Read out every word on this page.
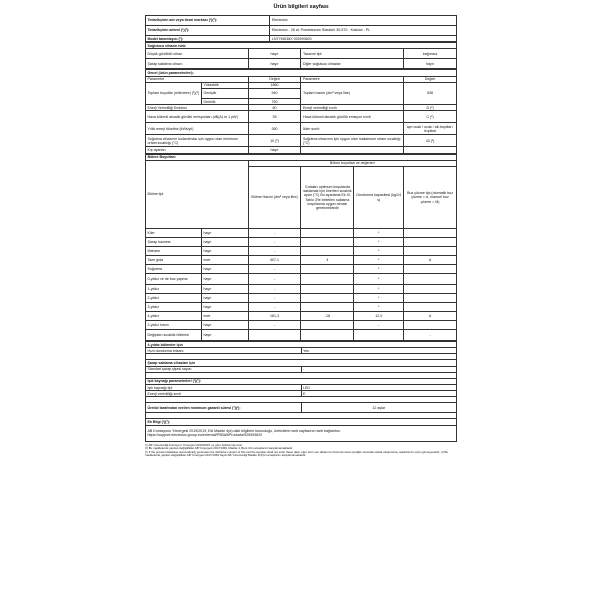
Ürün bilgileri sayfası
Tedarikçinin adı veya ticari markası (¹)(²):	Electrolux
Tedarikçinin adresi (¹)(²):	Electrolux - 26 al. Powstanców Slaskich 30-570 - Kraków - PL
Model tanımlayıcı (²):	LNT7MD38X 925993820
Soğutucu cihazın türü:			
Düşük gürültülü cihaz:	hayır	Tasarım tipi:	bağımsız
Şarap saklama cihazı:	hayır	Diğer soğutucu cihazlar:	hayır
Genel (ürün parametreleri):				
Parametre		Değeri	Parametre	Değeri
Toplam boyutlar (milimetre) (¹)(²)	Yükseklik	1860	Toplam hacim (dm³ veya litre)	538
	Genişlik	940		
	Derinlik	750		
Enerji Verimliliği Endeksi		80	Enerji verimliliği sınıfı	D (²)
Hava kökenli akustik gürültü emisyonları (dB(A) re 1 pW)		39	Hava kökenli akustik gürültü emisyon sınıfı	C (²)
Yıllık enerji tüketimi (kWs/yıl)		260	İklim sınıfı:	ayn ocak / ocak / alt-tropikal / tropikal
Soğutma cihazının kullanılması için uygun olan minimum ortam sıcaklığı (°C)		10 (²)	Soğutma cihazının için uygun olan maksimum ortam sıcaklığı (°C)	43 (²)
Kış ayarları		hayır		
Bölme Boyutları:					
Bölme tipi		Bölme boyutları ve değerleri			
		Bölme Hacmi (dm³ veya litre)	Gıdaları optimum koşullarda saklamak için önerilen sıcaklık ayarı (°C) Bu ayarlama Ek IV, Tablo 3'te belirtilen saklama koşullarına uygun olması gerekmektedir	Dondurma kapasitesi (kg/24 s)	Buz çözme tipi (otomatik buz çözme = A, manuel buz çözme = M)
Kiler	hayır	-		*	
Şarap haznesi	hayır	-		*	
Mahzen	hayır	-		*	
Taze gıda	evet	407,1	4	*	A
Soğutma	hayır	-		*	
0-yıldız ve de buz yapma	hayır	-		*	
1-yıldız	hayır	-		*	
2-yıldız	hayır	-		*	
3-yıldız	hayır	-		*	
4-yıldız	evet	161,3	-18	12,0	A
2-yıldız kısmı	hayır	-		-	
Değişken sıcaklık bölmesi	hayır				-
4-yıldız bölmeler için	
Hızlı dondurma imkanı	Yes

Şarap saklama cihazları için	
Standart şarap şişesi sayısı	-

Işık kaynağı parametreleri (¹)(²):	
Işık kaynağı tipi	LED
Enerji verimliliği sınıfı	E

Üretici tarafından verilen minimum garanti süresi (²)(³):	12 aylar

Ek Bilgi (¹)(²):	
AB Komisyonu Yönergesi 2019/2019, Ekl Madde 4(a) daki bilgilerin bulunduğu, üreticilerin web sayfasının web bağlantısı: https://support.electrolux.group.eu/external/PSBAlt/Products/925993820	
(¹) AB Yönetmeliği Komisyon Yönergesi 2019/2015 'ye göre belirlenmiş ürün
(²) Bu maddelerde yapılan değişiklikler AB Yönergesi 2017/1369, Madde 4, Bent 4'ün amaçlarını karşılamamaktadır.
(³) If the product database automatically generates the definitive content of this cell the supplier shall not enter these data, eğer ürün veri tabanı bu hücrenin kesin içeriğini otomatik olarak oluşturursa, tedarikçi bu veriyi girmeyecektir. (²) Bu maddelerde yapılan değişiklikler AB Yönergesi 2017/1369 Sayılı AB Yönetmeliği Madde 4(4)'ün amaçlarını karşılamamaktadır.
